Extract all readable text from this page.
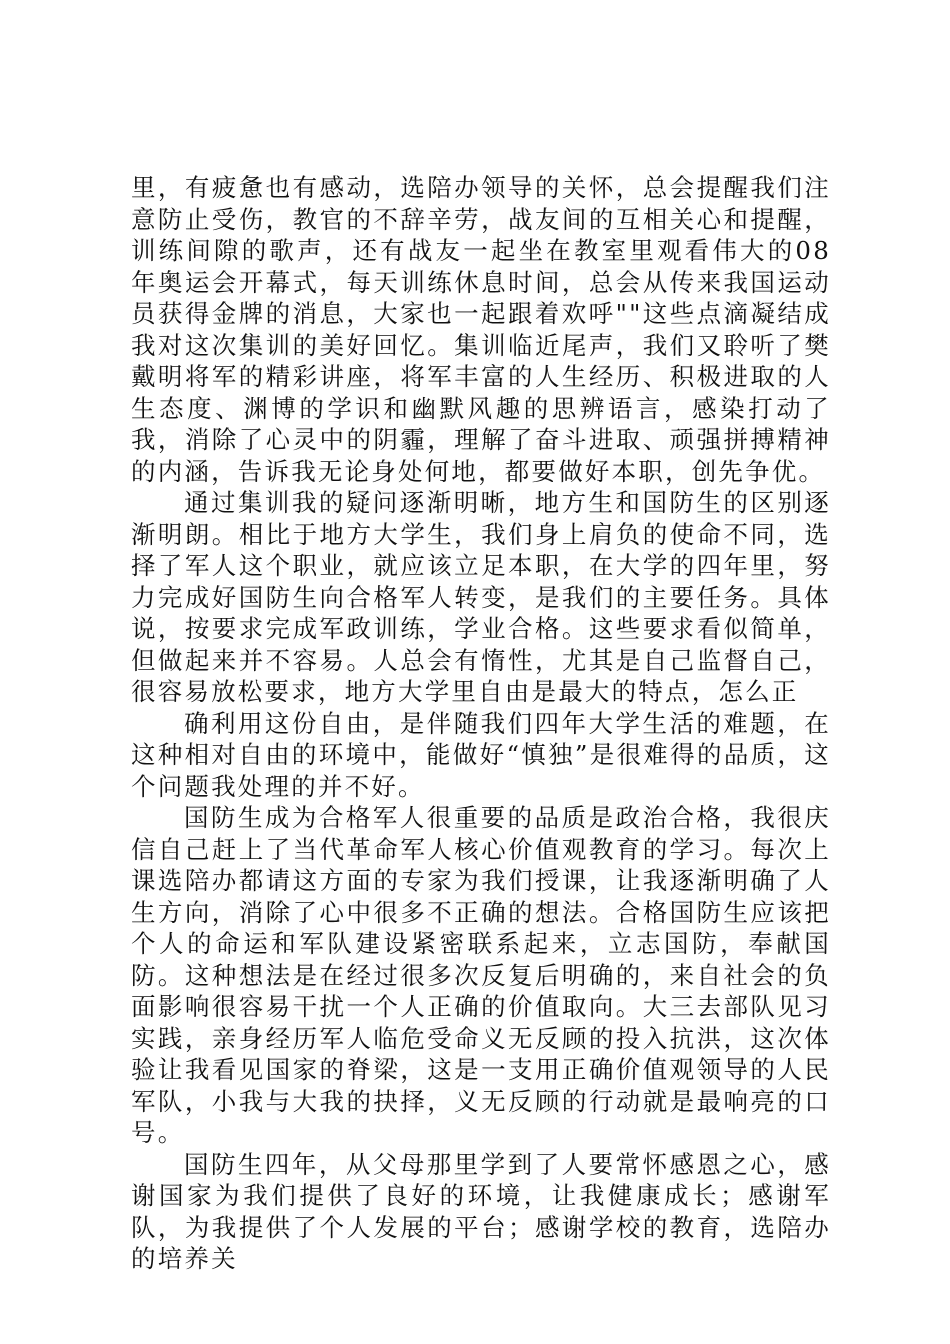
里，有疲惫也有感动，选陪办领导的关怀，总会提醒我们注意防止受伤，教官的不辞辛劳，战友间的互相关心和提醒，训练间隙的歌声，还有战友一起坐在教室里观看伟大的08年奥运会开幕式，每天训练休息时间，总会从传来我国运动员获得金牌的消息，大家也一起跟着欢呼""这些点滴凝结成我对这次集训的美好回忆。集训临近尾声，我们又聆听了樊戴明将军的精彩讲座，将军丰富的人生经历、积极进取的人生态度、渊博的学识和幽默风趣的思辨语言，感染打动了我，消除了心灵中的阴霾，理解了奋斗进取、顽强拼搏精神的内涵，告诉我无论身处何地，都要做好本职，创先争优。

通过集训我的疑问逐渐明晰，地方生和国防生的区别逐渐明朗。相比于地方大学生，我们身上肩负的使命不同，选择了军人这个职业，就应该立足本职，在大学的四年里，努力完成好国防生向合格军人转变，是我们的主要任务。具体说，按要求完成军政训练，学业合格。这些要求看似简单，但做起来并不容易。人总会有惰性，尤其是自己监督自己，很容易放松要求，地方大学里自由是最大的特点，怎么正

确利用这份自由，是伴随我们四年大学生活的难题，在这种相对自由的环境中，能做好“慎独”是很难得的品质，这个问题我处理的并不好。

国防生成为合格军人很重要的品质是政治合格，我很庆信自己赶上了当代革命军人核心价值观教育的学习。每次上课选陪办都请这方面的专家为我们授课，让我逐渐明确了人生方向，消除了心中很多不正确的想法。合格国防生应该把个人的命运和军队建设紧密联系起来，立志国防，奉献国防。这种想法是在经过很多次反复后明确的，来自社会的负面影响很容易干扰一个人正确的价值取向。大三去部队见习实践，亲身经历军人临危受命义无反顾的投入抗洪，这次体验让我看见国家的脊梁，这是一支用正确价值观领导的人民军队，小我与大我的抉择，义无反顾的行动就是最响亮的口号。

国防生四年，从父母那里学到了人要常怀感恩之心，感谢国家为我们提供了良好的环境，让我健康成长；感谢军队，为我提供了个人发展的平台；感谢学校的教育，选陪办的培养关
